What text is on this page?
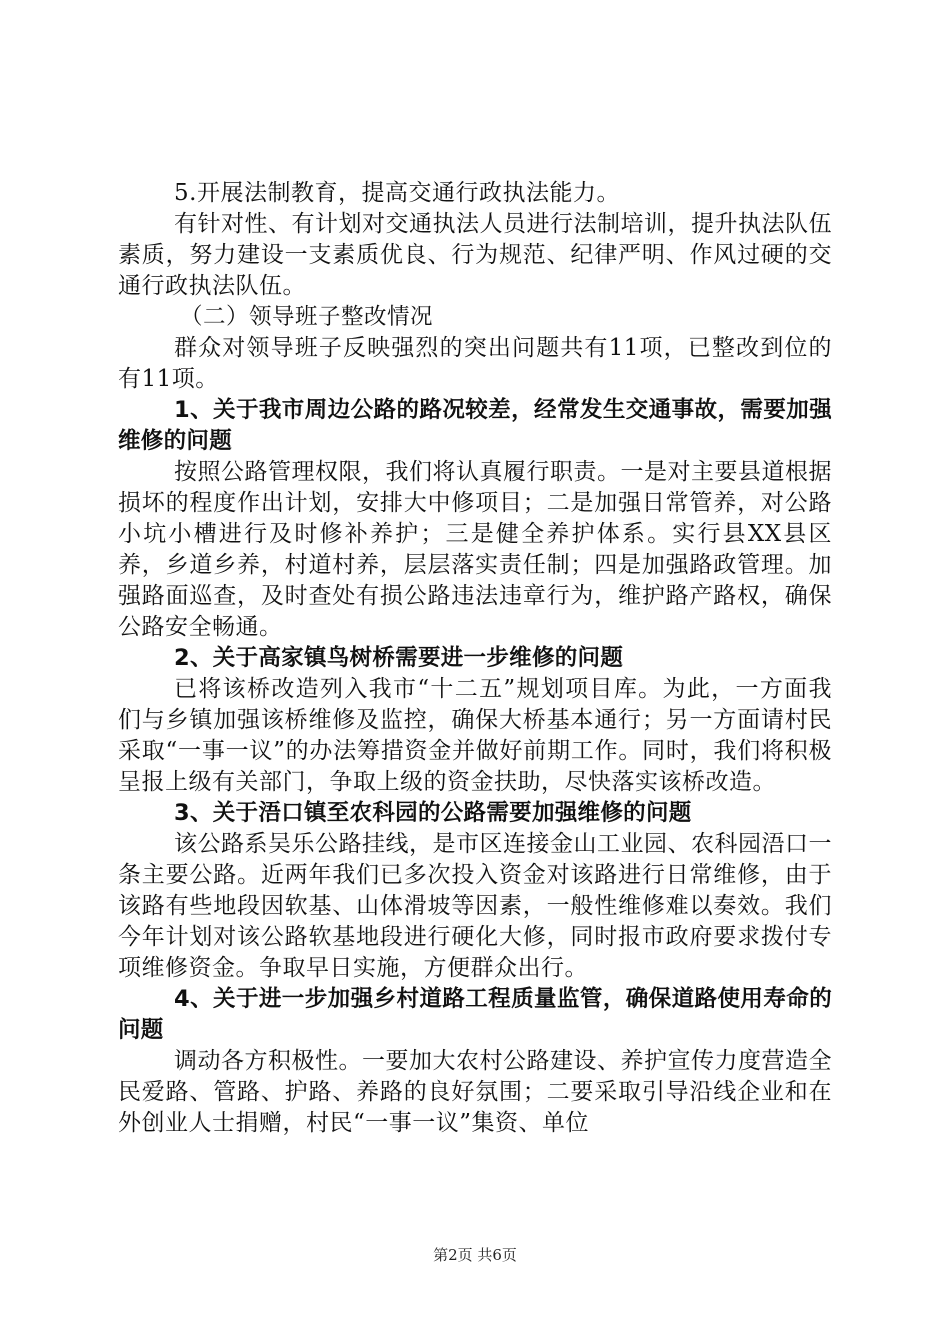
5.开展法制教育，提高交通行政执法能力。

有针对性、有计划对交通执法人员进行法制培训，提升执法队伍素质，努力建设一支素质优良、行为规范、纪律严明、作风过硬的交通行政执法队伍。

（二）领导班子整改情况

群众对领导班子反映强烈的突出问题共有11项，已整改到位的有11项。

1、关于我市周边公路的路况较差，经常发生交通事故，需要加强维修的问题

按照公路管理权限，我们将认真履行职责。一是对主要县道根据损坏的程度作出计划，安排大中修项目；二是加强日常管养，对公路小坑小槽进行及时修补养护；三是健全养护体系。实行县XX县区养，乡道乡养，村道村养，层层落实责任制；四是加强路政管理。加强路面巡查，及时查处有损公路违法违章行为，维护路产路权，确保公路安全畅通。

2、关于高家镇鸟树桥需要进一步维修的问题

已将该桥改造列入我市“十二五”规划项目库。为此，一方面我们与乡镇加强该桥维修及监控，确保大桥基本通行；另一方面请村民采取“一事一议”的办法筹措资金并做好前期工作。同时，我们将积极呈报上级有关部门，争取上级的资金扶助，尽快落实该桥改造。

3、关于浯口镇至农科园的公路需要加强维修的问题

该公路系吴乐公路挂线，是市区连接金山工业园、农科园浯口一条主要公路。近两年我们已多次投入资金对该路进行日常维修，由于该路有些地段因软基、山体滑坡等因素，一般性维修难以奏效。我们今年计划对该公路软基地段进行硬化大修，同时报市政府要求拨付专项维修资金。争取早日实施，方便群众出行。

4、关于进一步加强乡村道路工程质量监管，确保道路使用寿命的问题

调动各方积极性。一要加大农村公路建设、养护宣传力度营造全民爱路、管路、护路、养路的良好氛围；二要采取引导沿线企业和在外创业人士捐赠，村民“一事一议”集资、单位

第2页 共6页
